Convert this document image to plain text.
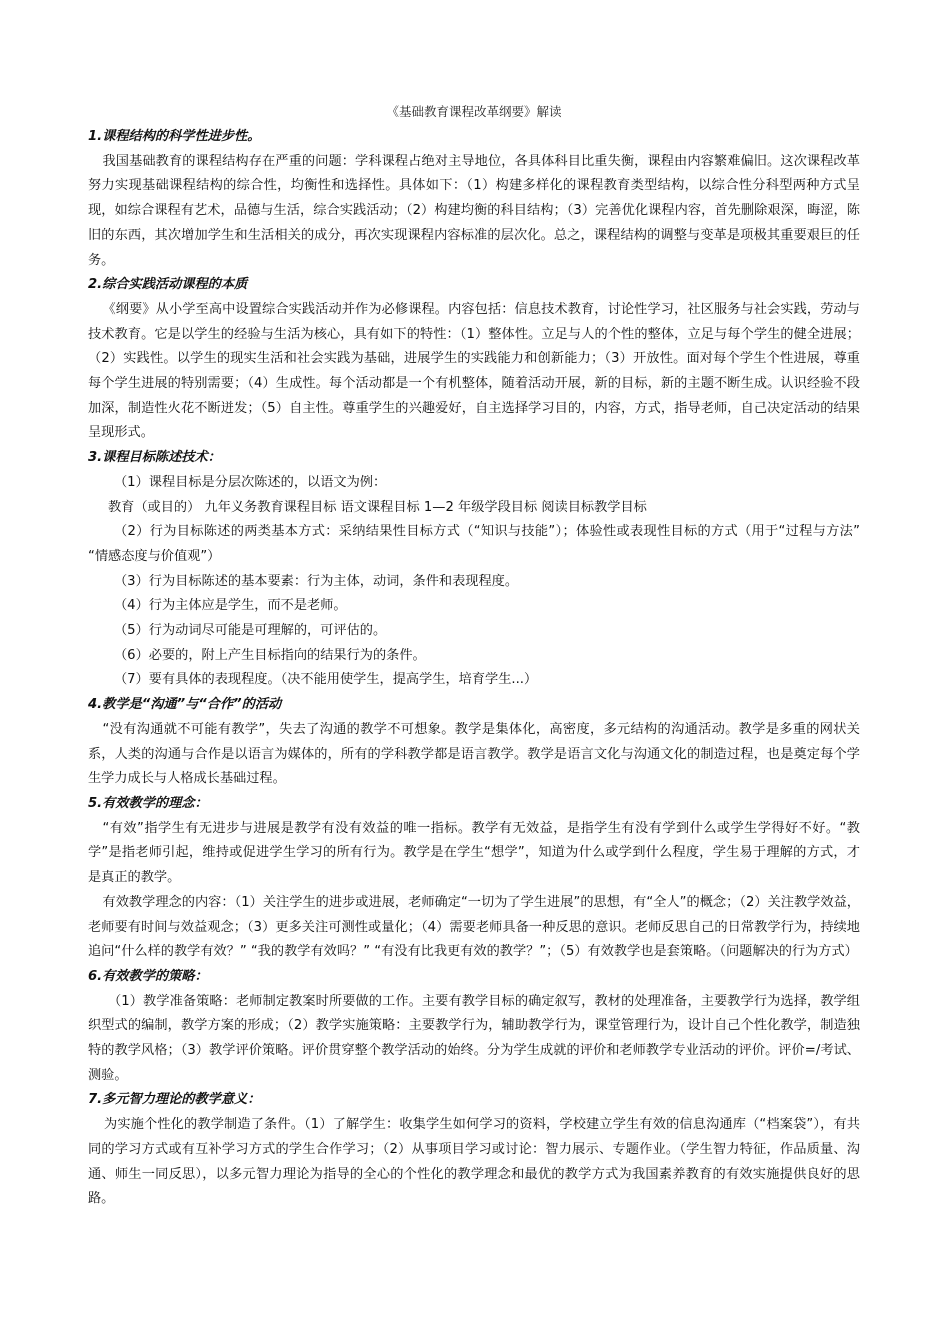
《基础教育课程改革纲要》解读
1.课程结构的科学性进步性。
我国基础教育的课程结构存在严重的问题：学科课程占绝对主导地位，各具体科目比重失衡，课程由内容繁难偏旧。这次课程改革努力实现基础课程结构的综合性，均衡性和选择性。具体如下：（1）构建多样化的课程教育类型结构，以综合性分科型两种方式呈现，如综合课程有艺术，品德与生活，综合实践活动；（2）构建均衡的科目结构；（3）完善优化课程内容，首先删除艰深，晦涩，陈旧的东西，其次增加学生和生活相关的成分，再次实现课程内容标准的层次化。总之，课程结构的调整与变革是项极其重要艰巨的任务。
2.综合实践活动课程的本质
《纲要》从小学至高中设置综合实践活动并作为必修课程。内容包括：信息技术教育，讨论性学习，社区服务与社会实践，劳动与技术教育。它是以学生的经验与生活为核心，具有如下的特性：（1）整体性。立足与人的个性的整体，立足与每个学生的健全进展；（2）实践性。以学生的现实生活和社会实践为基础，进展学生的实践能力和创新能力；（3）开放性。面对每个学生个性进展，尊重每个学生进展的特别需要；（4）生成性。每个活动都是一个有机整体，随着活动开展，新的目标，新的主题不断生成。认识经验不段加深，制造性火花不断迸发；（5）自主性。尊重学生的兴趣爱好，自主选择学习目的，内容，方式，指导老师，自己决定活动的结果呈现形式。
3.课程目标陈述技术：
（1）课程目标是分层次陈述的，以语文为例：
教育（或目的） 九年义务教育课程目标 语文课程目标 1—2 年级学段目标 阅读目标教学目标
（2）行为目标陈述的两类基本方式：采纳结果性目标方式（“知识与技能”）；体验性或表现性目标的方式（用于“过程与方法” “情感态度与价值观”）
（3）行为目标陈述的基本要素：行为主体，动词，条件和表现程度。
（4）行为主体应是学生，而不是老师。
（5）行为动词尽可能是可理解的，可评估的。
（6）必要的，附上产生目标指向的结果行为的条件。
（7）要有具体的表现程度。（决不能用使学生，提高学生，培育学生...）
4.教学是“沟通”与“合作”的活动
“没有沟通就不可能有教学”，失去了沟通的教学不可想象。教学是集体化，高密度，多元结构的沟通活动。教学是多重的网状关系，人类的沟通与合作是以语言为媒体的，所有的学科教学都是语言教学。教学是语言文化与沟通文化的制造过程，也是奠定每个学生学力成长与人格成长基础过程。
5.有效教学的理念：
“有效”指学生有无进步与进展是教学有没有效益的唯一指标。教学有无效益，是指学生有没有学到什么或学生学得好不好。“教学”是指老师引起，维持或促进学生学习的所有行为。教学是在学生“想学”，知道为什么或学到什么程度，学生易于理解的方式，才是真正的教学。
有效教学理念的内容：（1）关注学生的进步或进展，老师确定“一切为了学生进展”的思想，有“全人”的概念；（2）关注教学效益，老师要有时间与效益观念；（3）更多关注可测性或量化；（4）需要老师具备一种反思的意识。老师反思自己的日常教学行为，持续地追问“什么样的教学有效？” “我的教学有效吗？” “有没有比我更有效的教学？”；（5）有效教学也是套策略。（问题解决的行为方式）
6.有效教学的策略：
（1）教学准备策略：老师制定教案时所要做的工作。主要有教学目标的确定叙写，教材的处理准备，主要教学行为选择，教学组织型式的编制，教学方案的形成；（2）教学实施策略：主要教学行为，辅助教学行为，课堂管理行为，设计自己个性化教学，制造独特的教学风格；（3）教学评价策略。评价贯穿整个教学活动的始终。分为学生成就的评价和老师教学专业活动的评价。评价=/考试、测验。
7.多元智力理论的教学意义：
为实施个性化的教学制造了条件。（1）了解学生：收集学生如何学习的资料，学校建立学生有效的信息沟通库（“档案袋”），有共同的学习方式或有互补学习方式的学生合作学习；（2）从事项目学习或讨论：智力展示、专题作业。（学生智力特征，作品质量、沟通、师生一同反思），以多元智力理论为指导的全心的个性化的教学理念和最优的教学方式为我国素养教育的有效实施提供良好的思路。
